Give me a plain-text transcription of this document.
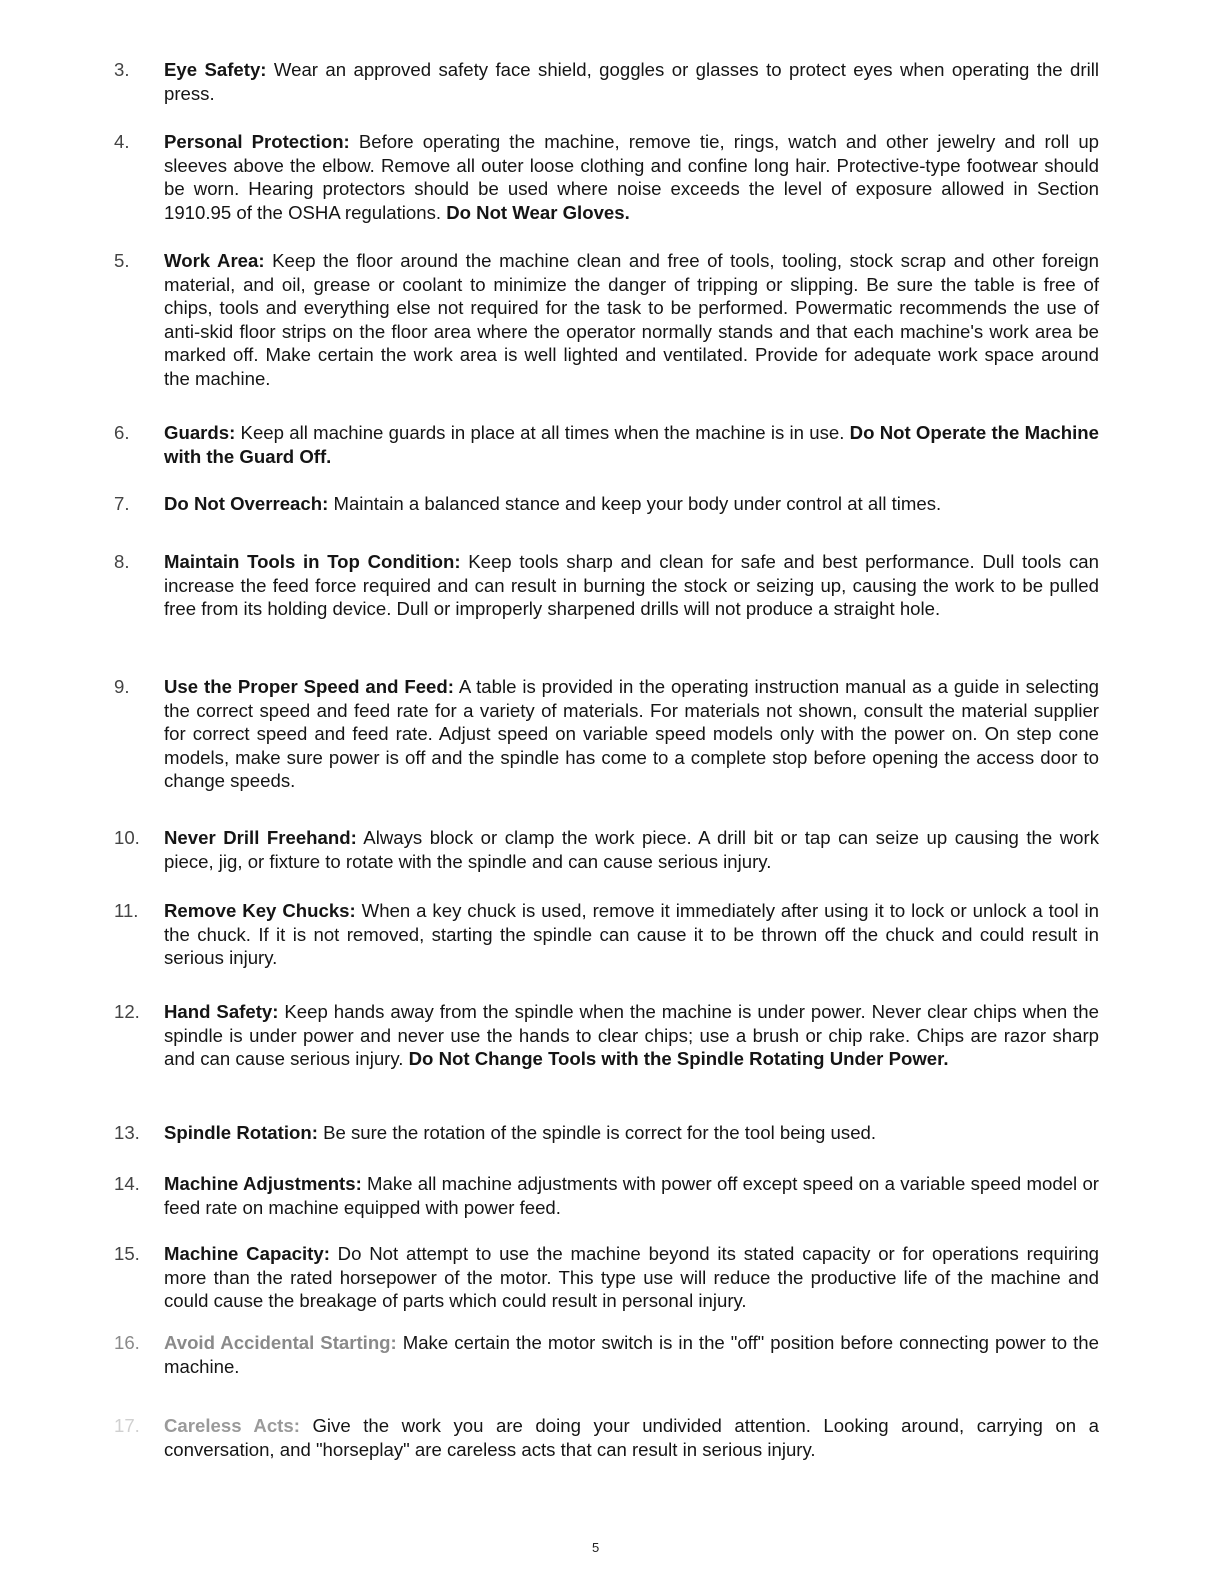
3.	Eye Safety: Wear an approved safety face shield, goggles or glasses to protect eyes when operating the drill press.
4.	Personal Protection: Before operating the machine, remove tie, rings, watch and other jewelry and roll up sleeves above the elbow. Remove all outer loose clothing and confine long hair. Protective-type footwear should be worn. Hearing protectors should be used where noise exceeds the level of exposure allowed in Section 1910.95 of the OSHA regulations. Do Not Wear Gloves.
5.	Work Area: Keep the floor around the machine clean and free of tools, tooling, stock scrap and other foreign material, and oil, grease or coolant to minimize the danger of tripping or slipping. Be sure the table is free of chips, tools and everything else not required for the task to be performed. Powermatic recommends the use of anti-skid floor strips on the floor area where the operator normally stands and that each machine's work area be marked off. Make certain the work area is well lighted and ventilated. Provide for adequate work space around the machine.
6.	Guards: Keep all machine guards in place at all times when the machine is in use. Do Not Operate the Machine with the Guard Off.
7.	Do Not Overreach: Maintain a balanced stance and keep your body under control at all times.
8.	Maintain Tools in Top Condition: Keep tools sharp and clean for safe and best performance. Dull tools can increase the feed force required and can result in burning the stock or seizing up, causing the work to be pulled free from its holding device. Dull or improperly sharpened drills will not produce a straight hole.
9.	Use the Proper Speed and Feed: A table is provided in the operating instruction manual as a guide in selecting the correct speed and feed rate for a variety of materials. For materials not shown, consult the material supplier for correct speed and feed rate. Adjust speed on variable speed models only with the power on. On step cone models, make sure power is off and the spindle has come to a complete stop before opening the access door to change speeds.
10.	Never Drill Freehand: Always block or clamp the work piece. A drill bit or tap can seize up causing the work piece, jig, or fixture to rotate with the spindle and can cause serious injury.
11.	Remove Key Chucks: When a key chuck is used, remove it immediately after using it to lock or unlock a tool in the chuck. If it is not removed, starting the spindle can cause it to be thrown off the chuck and could result in serious injury.
12.	Hand Safety: Keep hands away from the spindle when the machine is under power. Never clear chips when the spindle is under power and never use the hands to clear chips; use a brush or chip rake. Chips are razor sharp and can cause serious injury. Do Not Change Tools with the Spindle Rotating Under Power.
13.	Spindle Rotation: Be sure the rotation of the spindle is correct for the tool being used.
14.	Machine Adjustments: Make all machine adjustments with power off except speed on a variable speed model or feed rate on machine equipped with power feed.
15.	Machine Capacity: Do Not attempt to use the machine beyond its stated capacity or for operations requiring more than the rated horsepower of the motor. This type use will reduce the productive life of the machine and could cause the breakage of parts which could result in personal injury.
16.	Avoid Accidental Starting: Make certain the motor switch is in the "off" position before connecting power to the machine.
17.	Careless Acts: Give the work you are doing your undivided attention. Looking around, carrying on a conversation, and "horseplay" are careless acts that can result in serious injury.
5
